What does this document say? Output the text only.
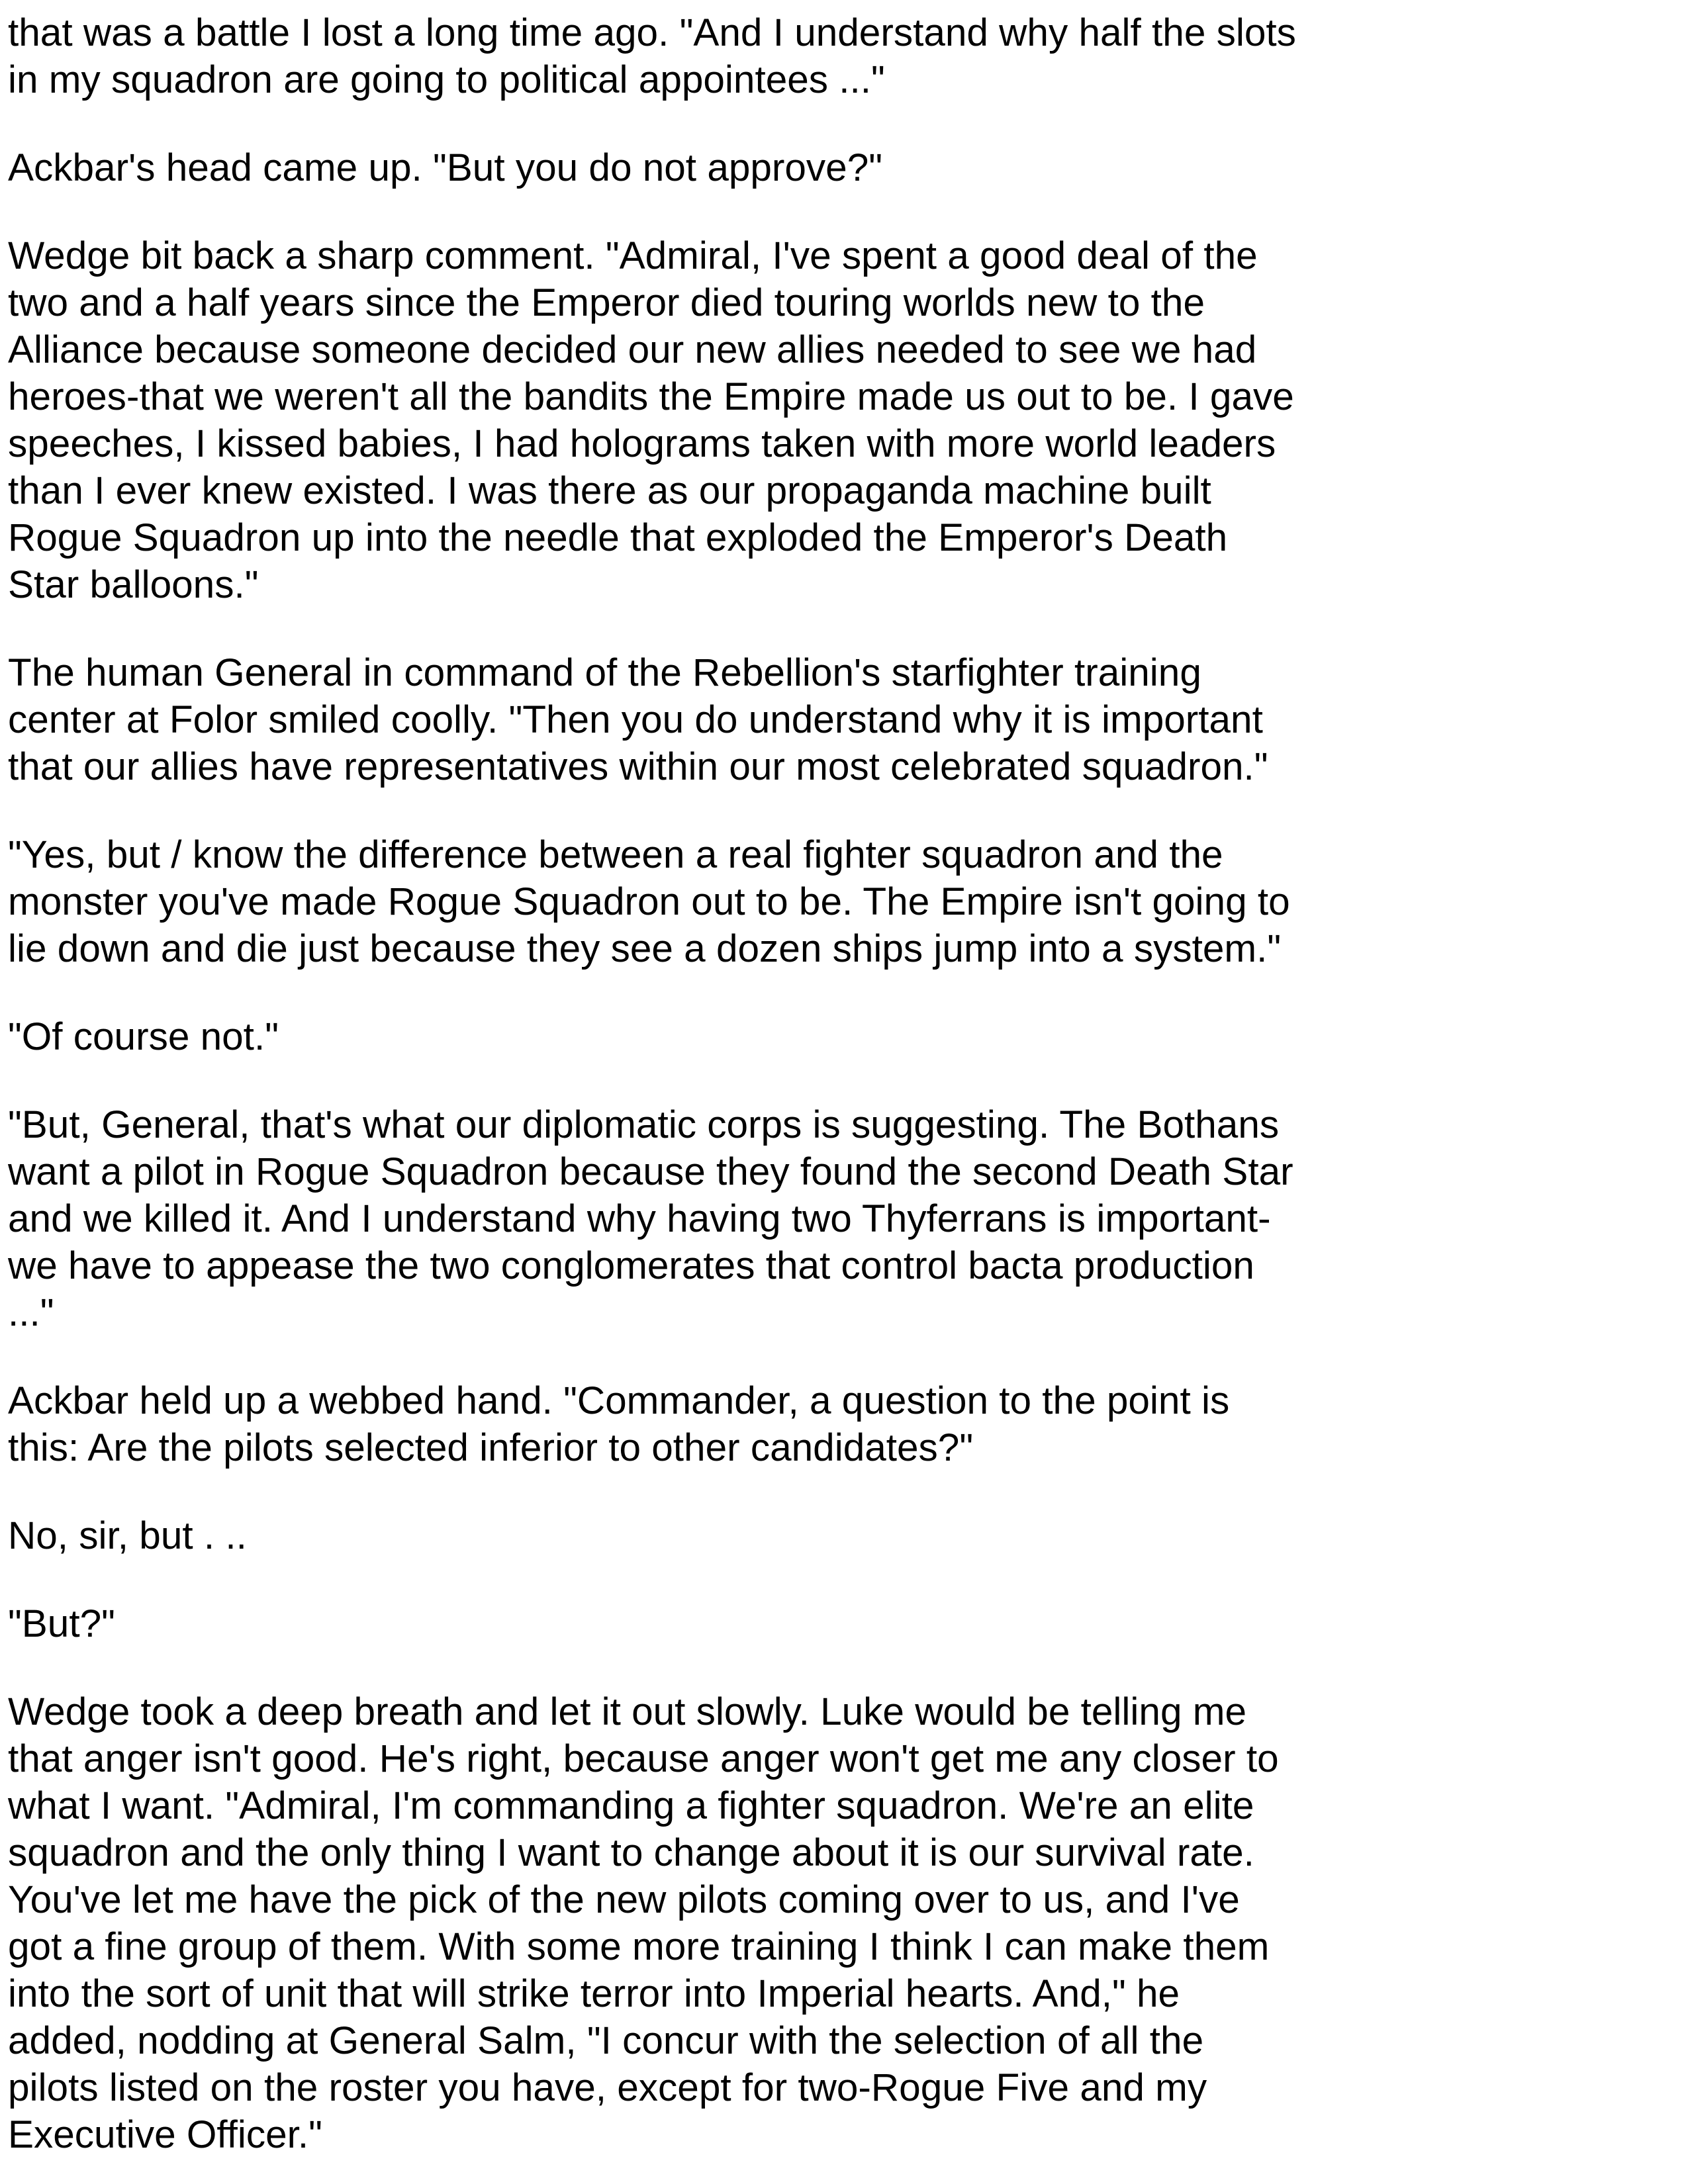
that was a battle I lost a long time ago. "And I understand why half the slots
in my squadron are going to political appointees ..."

Ackbar's head came up. "But you do not approve?"

Wedge bit back a sharp comment. "Admiral, I've spent a good deal of the
two and a half years since the Emperor died touring worlds new to the
Alliance because someone decided our new allies needed to see we had
heroes-that we weren't all the bandits the Empire made us out to be. I gave
speeches, I kissed babies, I had holograms taken with more world leaders
than I ever knew existed. I was there as our propaganda machine built
Rogue Squadron up into the needle that exploded the Emperor's Death
Star balloons."

The human General in command of the Rebellion's starfighter training
center at Folor smiled coolly. "Then you do understand why it is important
that our allies have representatives within our most celebrated squadron."

"Yes, but / know the difference between a real fighter squadron and the
monster you've made Rogue Squadron out to be. The Empire isn't going to
lie down and die just because they see a dozen ships jump into a system."

"Of course not."

"But, General, that's what our diplomatic corps is suggesting. The Bothans
want a pilot in Rogue Squadron because they found the second Death Star
and we killed it. And I understand why having two Thyferrans is important-
we have to appease the two conglomerates that control bacta production
..."

Ackbar held up a webbed hand. "Commander, a question to the point is
this: Are the pilots selected inferior to other candidates?"

No, sir, but . ..

"But?"

Wedge took a deep breath and let it out slowly. Luke would be telling me
that anger isn't good. He's right, because anger won't get me any closer to
what I want. "Admiral, I'm commanding a fighter squadron. We're an elite
squadron and the only thing I want to change about it is our survival rate.
You've let me have the pick of the new pilots coming over to us, and I've
got a fine group of them. With some more training I think I can make them
into the sort of unit that will strike terror into Imperial hearts. And," he
added, nodding at General Salm, "I concur with the selection of all the
pilots listed on the roster you have, except for two-Rogue Five and my
Executive Officer."
